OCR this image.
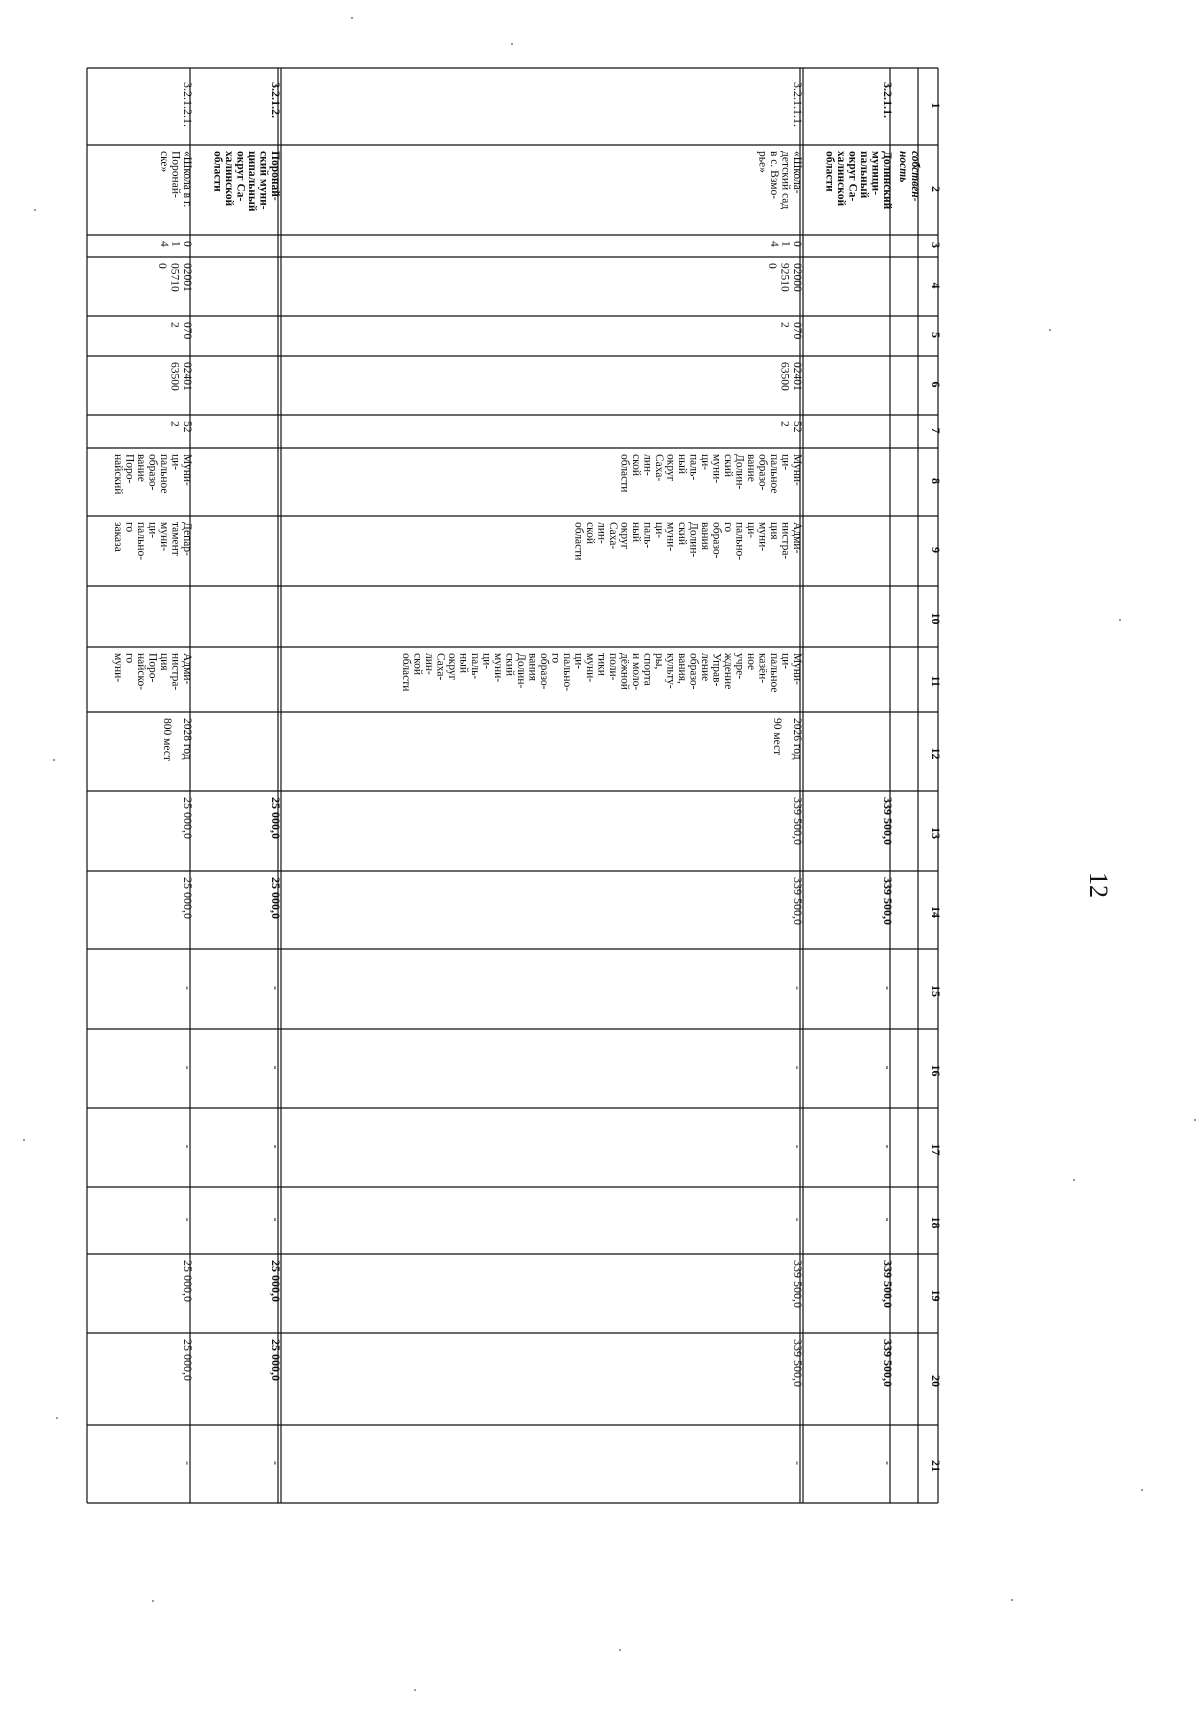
1
2
3
4
5
6
7
8
9
10
11
12
13
14
15
16
17
18
19
20
21
собствен-
ность
3.2.1.1.
Долинский
муници-
пальный
округ Са-
халинской
области
339 500,0
339 500,0
-
-
-
-
339 500,0
339 500,0
-
3.2.1.1.1.
«Школа-
детский сад
в с. Взмо-
рье»
0
1
4
02000
92510
0
070
2
02401
63500
52
2
Муни-
ци-
пальное
образо-
вание
Долин-
ский
муни-
ци-
паль-
ный
округ
Саха-
лин-
ской
области
Адми-
нистра-
ция
муни-
ци-
пально-
го
образо-
вания
Долин-
ский
муни-
ци-
паль-
ный
округ
Саха-
лин-
ской
области
Муни-
ци-
пальное
казён-
ное
учре-
ждение
Управ-
ление
образо-
вания,
культу-
ры,
спорта
и моло-
дёжной
поли-
тики
муни-
ци-
пально-
го
образо-
вания
Долин-
ский
муни-
ци-
паль-
ный
округ
Саха-
лин-
ской
области
2026 год
90 мест
339 500,0
339 500,0
-
-
-
-
339 500,0
339 500,0
-
3.2.1.2.
Поронай-
ский муни-
ципальный
округ Са-
халинской
области
25 000,0
25 000,0
-
-
-
-
25 000,0
25 000,0
-
3.2.1.2.1.
«Школа в г.
Поронай-
ске»
0
1
4
02001
05710
0
070
2
02401
63500
52
2
Муни-
ци-
пальное
образо-
вание
Поро-
найский
Депар-
тамент
муни-
ци-
пально-
го
заказа
Адми-
нистра-
ция
Поро-
найско-
го
муни-
2028 год
800 мест
25 000,0
25 000,0
-
-
-
-
25 000,0
25 000,0
-
12
